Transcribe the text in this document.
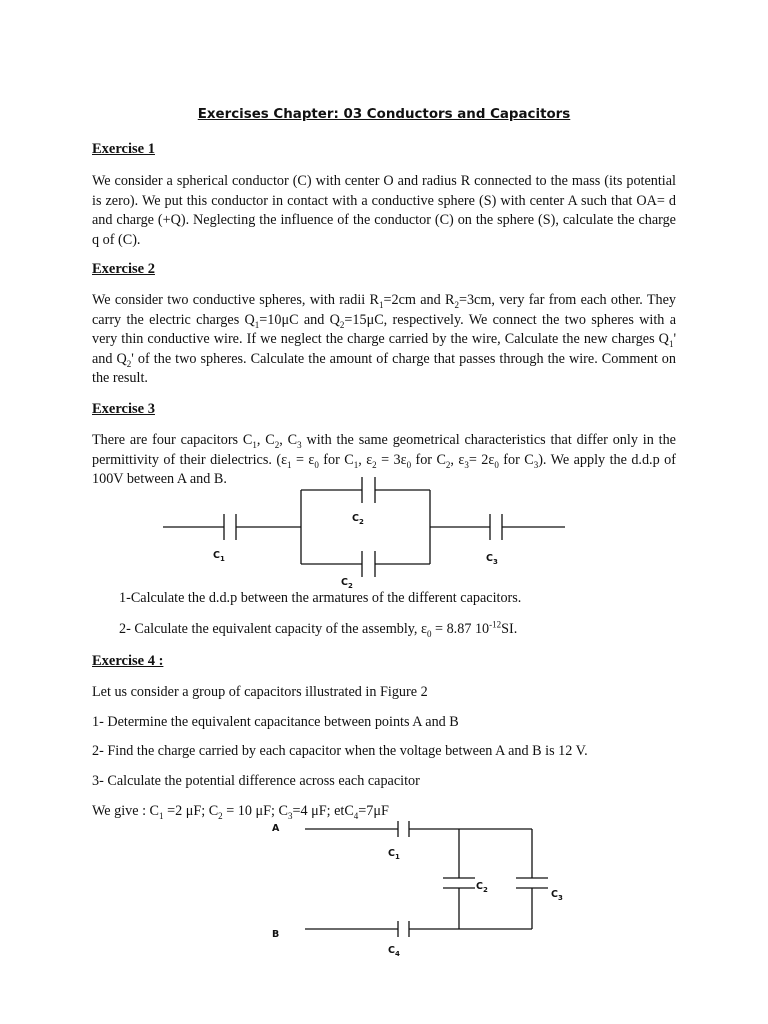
Exercises Chapter: 03 Conductors and Capacitors
Exercise 1

We consider a spherical conductor (C) with center O and radius R connected to the mass (its potential is zero). We put this conductor in contact with a conductive sphere (S) with center A such that OA= d and charge (+Q). Neglecting the influence of the conductor (C) on the sphere (S), calculate the charge q of (C).

Exercise 2

We consider two conductive spheres, with radii $R_1=2cm$ and $R_2=3cm$, very far from each other. They carry the electric charges $Q_1=10\mu C$ and $Q_2=15\mu C$, respectively. We connect the two spheres with a very thin conductive wire. If we neglect the charge carried by the wire, Calculate the new charges $Q_1'$ and $Q_2'$ of the two spheres. Calculate the amount of charge that passes through the wire. Comment on the result.

Exercise 3

There are four capacitors $C_1$, $C_2$, $C_3$ with the same geometrical characteristics that differ only in the permittivity of their dielectrics. ($\varepsilon_1 = \varepsilon_0$ for $C_1$, $\varepsilon_2 = 3\varepsilon_0$ for $C_2$, $\varepsilon_3= 2\varepsilon_0$ for $C_3$). We apply the d.d.p of 100V between A and B.

$C_2$
$C_1$	$C_3$
$C_2$
1-Calculate the d.d.p between the armatures of the different capacitors.
2- Calculate the equivalent capacity of the assembly, $\varepsilon_0 = 8.87$ $10^{-12}SI$.
Exercise 4 :
Let us consider a group of capacitors illustrated in Figure 2
1- Determine the equivalent capacitance between points A and B
2- Find the charge carried by each capacitor when the voltage between A and B is 12 V.
3- Calculate the potential difference across each capacitor
We give : $C_1 =2$ μF; $C_2 = 10$ μF; $C_3=4$ μF; etC$_4$=7μF
A
B
$C_1$
$C_2$	$C_3$
$C_4$
